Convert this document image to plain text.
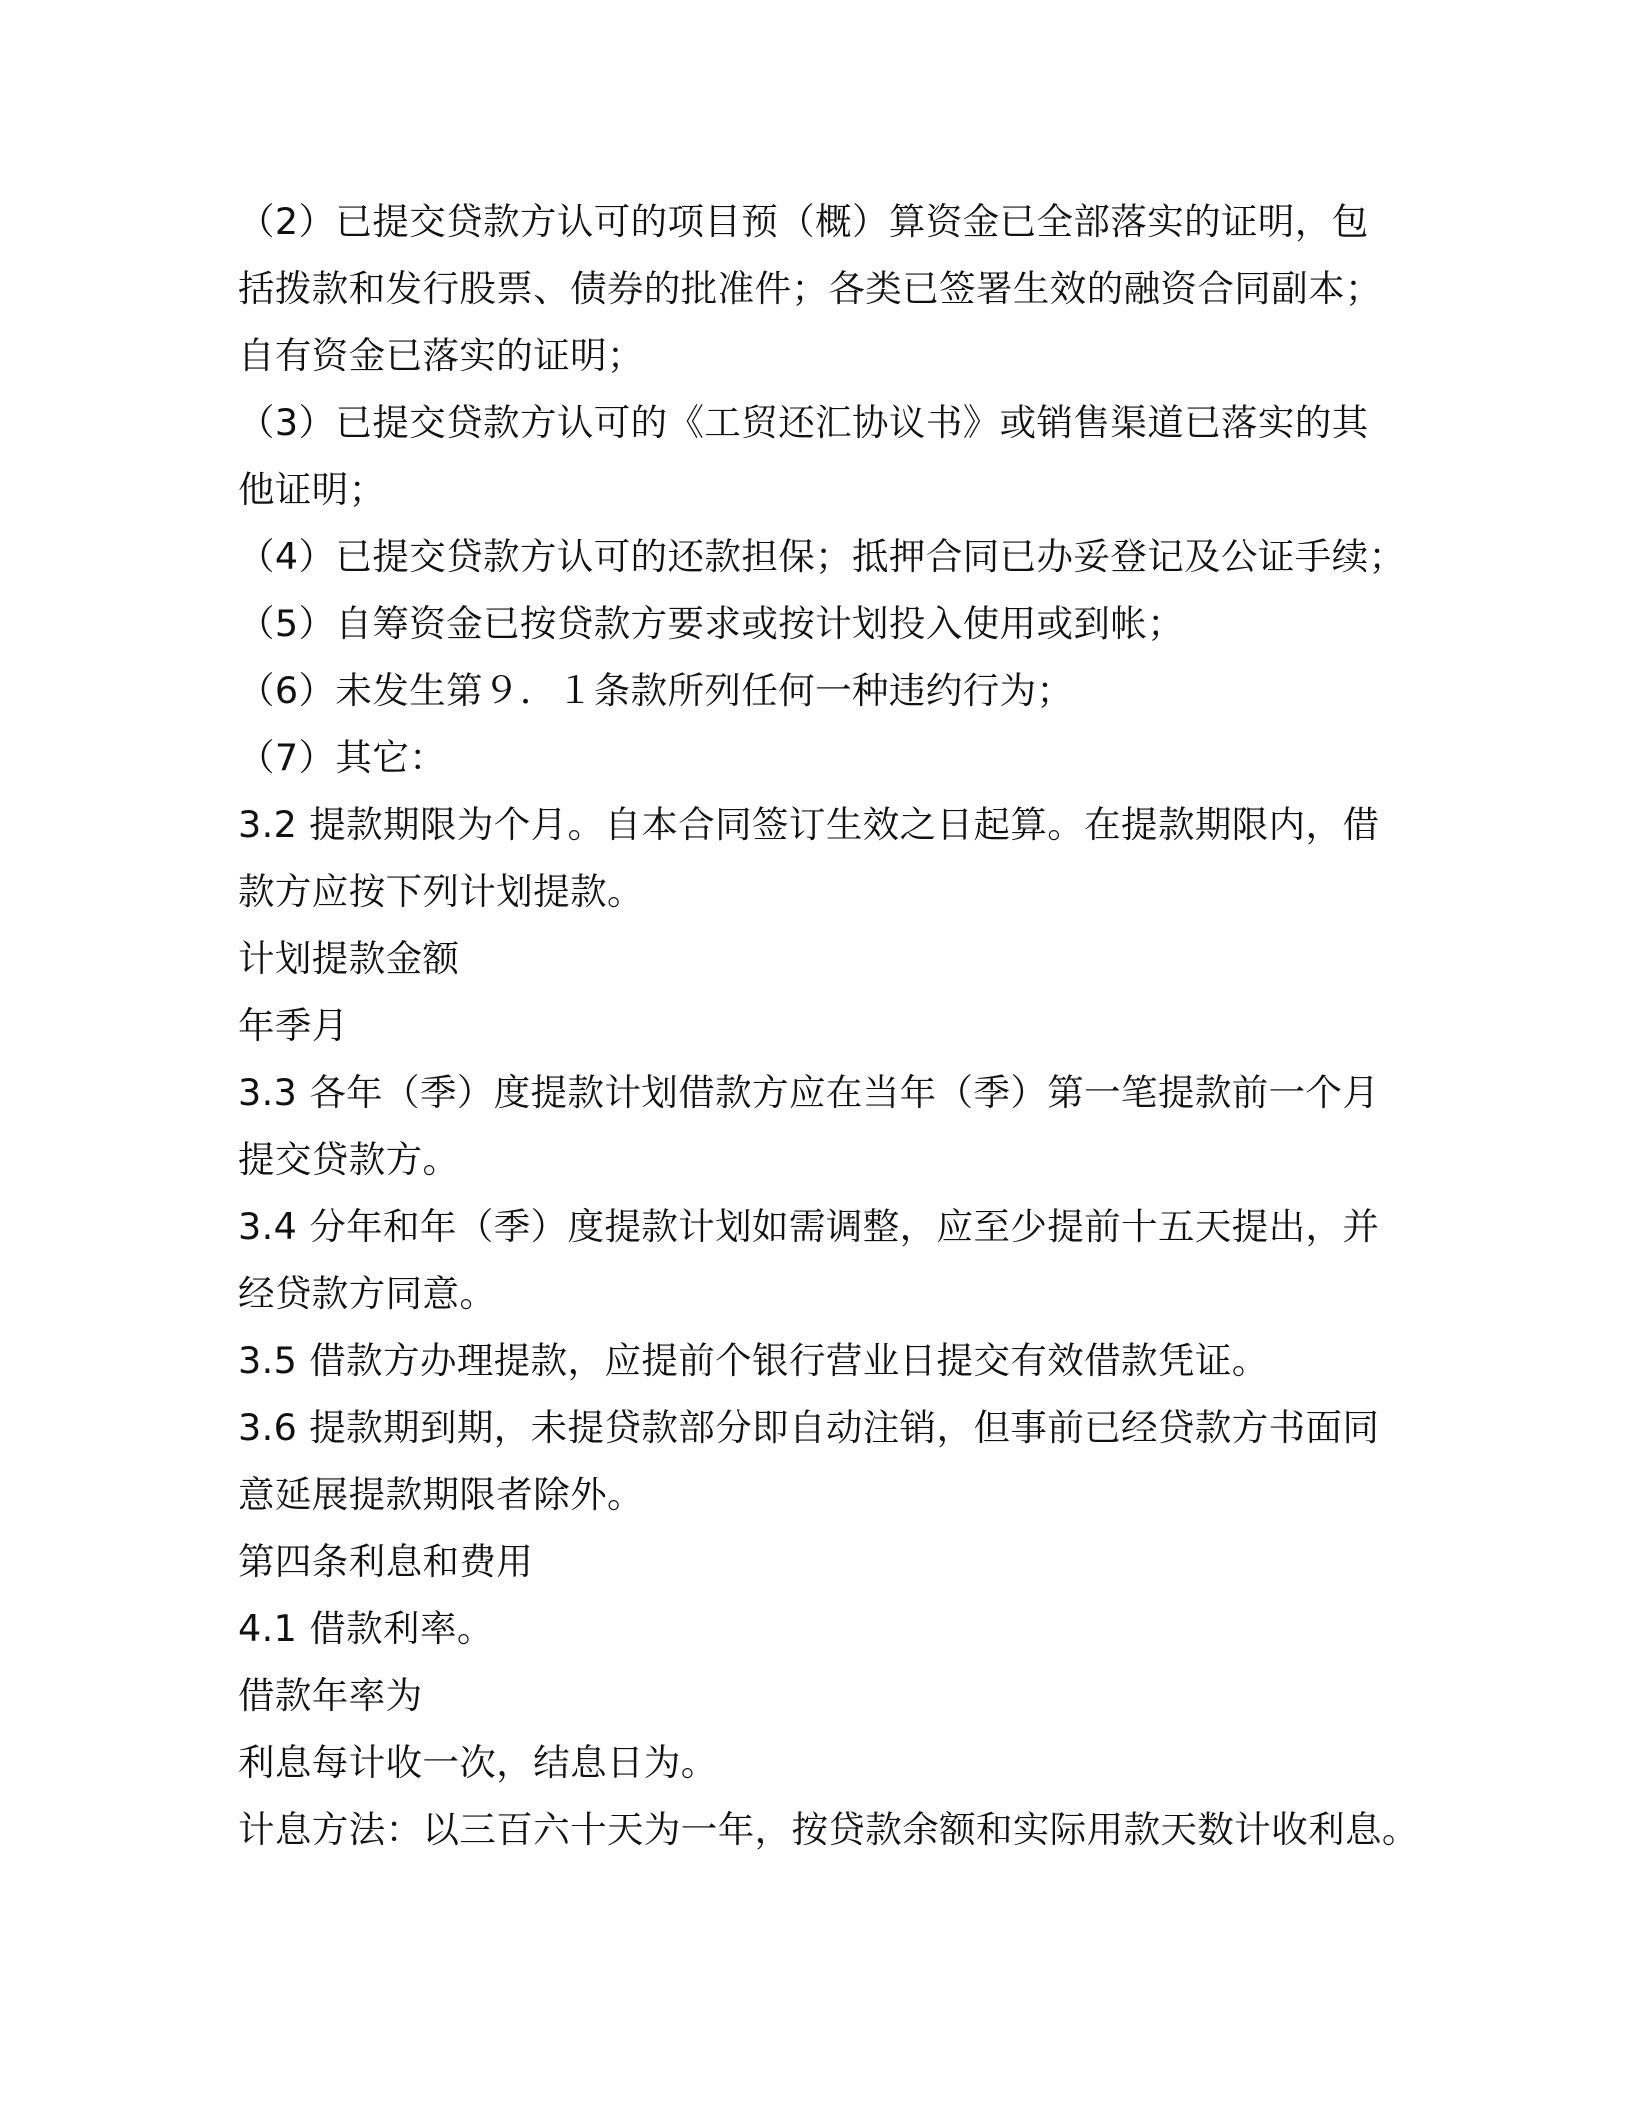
（2）已提交贷款方认可的项目预（概）算资金已全部落实的证明，包
括拨款和发行股票、债券的批准件；各类已签署生效的融资合同副本；
自有资金已落实的证明；
（3）已提交贷款方认可的《工贸还汇协议书》或销售渠道已落实的其
他证明；
（4）已提交贷款方认可的还款担保；抵押合同已办妥登记及公证手续；
（5）自筹资金已按贷款方要求或按计划投入使用或到帐；
（6）未发生第９．１条款所列任何一种违约行为；
（7）其它：
3.2 提款期限为个月。自本合同签订生效之日起算。在提款期限内，借
款方应按下列计划提款。
计划提款金额
年季月
3.3 各年（季）度提款计划借款方应在当年（季）第一笔提款前一个月
提交贷款方。
3.4 分年和年（季）度提款计划如需调整，应至少提前十五天提出，并
经贷款方同意。
3.5 借款方办理提款，应提前个银行营业日提交有效借款凭证。
3.6 提款期到期，未提贷款部分即自动注销，但事前已经贷款方书面同
意延展提款期限者除外。
第四条利息和费用
4.1 借款利率。
借款年率为
利息每计收一次，结息日为。
计息方法：以三百六十天为一年，按贷款余额和实际用款天数计收利息。
